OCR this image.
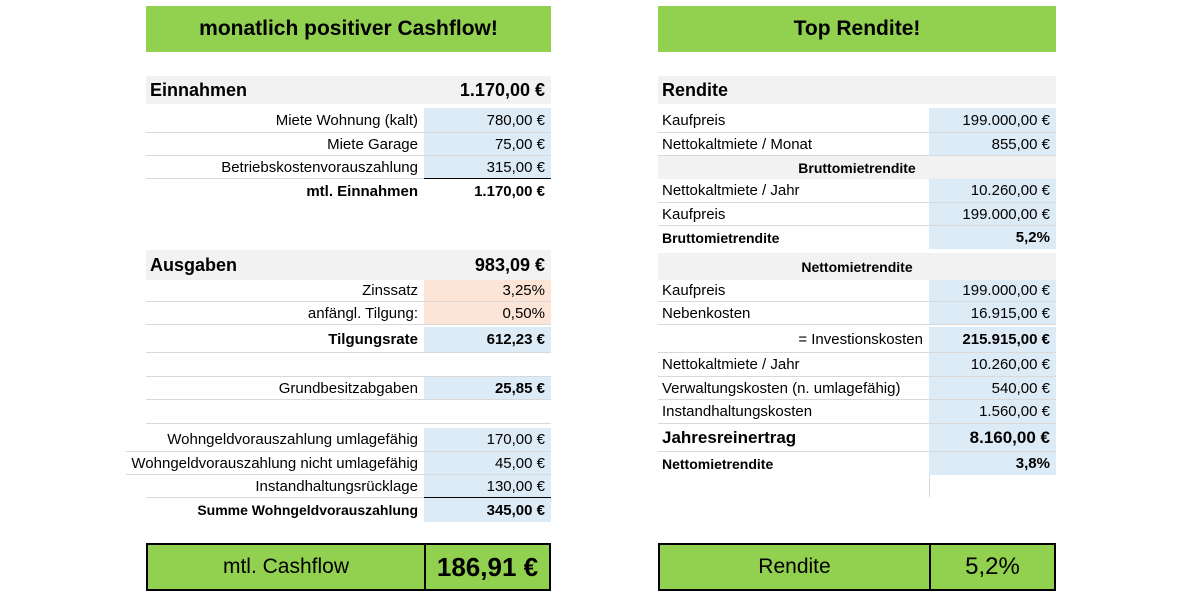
monatlich positiver Cashflow!
Einnahmen	1.170,00 €
Miete Wohnung (kalt)	780,00 €
Miete Garage	75,00 €
Betriebskostenvorauszahlung	315,00 €
mtl. Einnahmen	1.170,00 €
Ausgaben	983,09 €
Zinssatz	3,25%
anfängl. Tilgung:	0,50%
Tilgungsrate	612,23 €
Grundbesitzabgaben	25,85 €
Wohngeldvorauszahlung umlagefähig	170,00 €
Wohngeldvorauszahlung nicht umlagefähig	45,00 €
Instandhaltungsrücklage	130,00 €
Summe Wohngeldvorauszahlung	345,00 €
mtl. Cashflow	186,91 €
Top Rendite!
Rendite
Kaufpreis	199.000,00 €
Nettokaltmiete / Monat	855,00 €
Bruttomietrendite
Nettokaltmiete / Jahr	10.260,00 €
Kaufpreis	199.000,00 €
Bruttomietrendite	5,2%
Nettomietrendite
Kaufpreis	199.000,00 €
Nebenkosten	16.915,00 €
= Investionskosten	215.915,00 €
Nettokaltmiete / Jahr	10.260,00 €
Verwaltungskosten (n. umlagefähig)	540,00 €
Instandhaltungskosten	1.560,00 €
Jahresreinertrag	8.160,00 €
Nettomietrendite	3,8%
Rendite	5,2%
